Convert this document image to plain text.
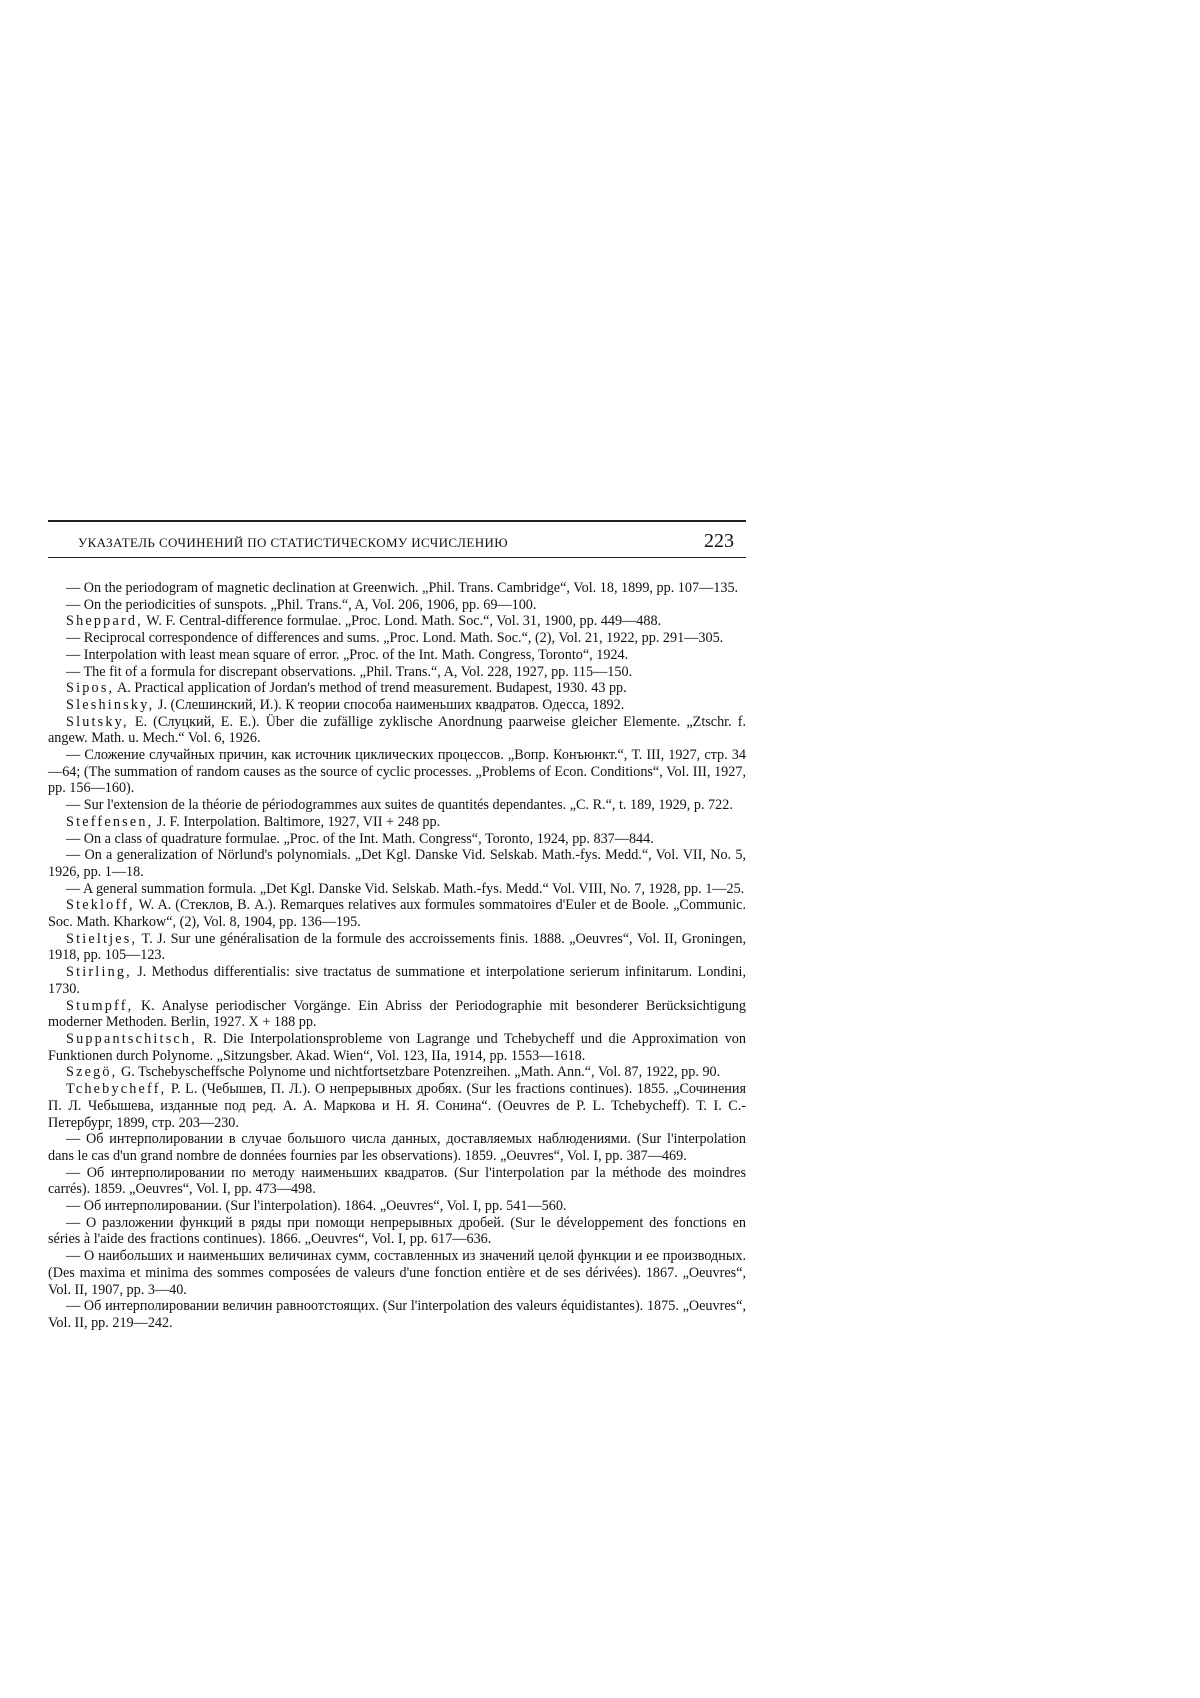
УКАЗАТЕЛЬ СОЧИНЕНИЙ ПО СТАТИСТИЧЕСКОМУ ИСЧИСЛЕНИЮ	223

— On the periodogram of magnetic declination at Greenwich. „Phil. Trans. Cambridge“, Vol. 18, 1899, pp. 107—135.

— On the periodicities of sunspots. „Phil. Trans.“, A, Vol. 206, 1906, pp. 69—100.

Sheppard, W. F. Central-difference formulae. „Proc. Lond. Math. Soc.“, Vol. 31, 1900, pp. 449—488.

— Reciprocal correspondence of differences and sums. „Proc. Lond. Math. Soc.“, (2), Vol. 21, 1922, pp. 291—305.

— Interpolation with least mean square of error. „Proc. of the Int. Math. Congress, Toronto“, 1924.

— The fit of a formula for discrepant observations. „Phil. Trans.“, A, Vol. 228, 1927, pp. 115—150.

Sipos, A. Practical application of Jordan's method of trend measurement. Budapest, 1930. 43 pp.

Sleshinsky, J. (Слешинский, И.). К теории способа наименьших квадратов. Одесса, 1892.

Slutsky, E. (Слуцкий, Е. Е.). Über die zufällige zyklische Anordnung paarweise gleicher Elemente. „Ztschr. f. angew. Math. u. Mech.“ Vol. 6, 1926.

— Сложение случайных причин, как источник циклических процессов. „Вопр. Конъюнкт.“, Т. III, 1927, стр. 34—64; (The summation of random causes as the source of cyclic processes. „Problems of Econ. Conditions“, Vol. III, 1927, pp. 156—160).

— Sur l'extension de la théorie de périodogrammes aux suites de quantités dependantes. „C. R.“, t. 189, 1929, p. 722.

Steffensen, J. F. Interpolation. Baltimore, 1927, VII + 248 pp.

— On a class of quadrature formulae. „Proc. of the Int. Math. Congress“, Toronto, 1924, pp. 837—844.

— On a generalization of Nörlund's polynomials. „Det Kgl. Danske Vid. Selskab. Math.-fys. Medd.“, Vol. VII, No. 5, 1926, pp. 1—18.

— A general summation formula. „Det Kgl. Danske Vid. Selskab. Math.-fys. Medd.“ Vol. VIII, No. 7, 1928, pp. 1—25.

Stekloff, W. A. (Стеклов, В. А.). Remarques relatives aux formules sommatoires d'Euler et de Boole. „Communic. Soc. Math. Kharkow“, (2), Vol. 8, 1904, pp. 136—195.

Stieltjes, T. J. Sur une généralisation de la formule des accroissements finis. 1888. „Oeuvres“, Vol. II, Groningen, 1918, pp. 105—123.

Stirling, J. Methodus differentialis: sive tractatus de summatione et interpolatione serierum infinitarum. Londini, 1730.

Stumpff, K. Analyse periodischer Vorgänge. Ein Abriss der Periodographie mit besonderer Berücksichtigung moderner Methoden. Berlin, 1927. X + 188 pp.

Suppantschitsch, R. Die Interpolationsprobleme von Lagrange und Tchebycheff und die Approximation von Funktionen durch Polynome. „Sitzungsber. Akad. Wien“, Vol. 123, IIa, 1914, pp. 1553—1618.

Szegö, G. Tschebyscheffsche Polynome und nichtfortsetzbare Potenzreihen. „Math. Ann.“, Vol. 87, 1922, pp. 90.

Tchebycheff, P. L. (Чебышев, П. Л.). О непрерывных дробях. (Sur les fractions continues). 1855. „Сочинения П. Л. Чебышева, изданные под ред. А. А. Маркова и Н. Я. Сонина“. (Oeuvres de P. L. Tchebycheff). Т. I. С.-Петербург, 1899, стр. 203—230.

— Об интерполировании в случае большого числа данных, доставляемых наблюдениями. (Sur l'interpolation dans le cas d'un grand nombre de données fournies par les observations). 1859. „Oeuvres“, Vol. I, pp. 387—469.

— Об интерполировании по методу наименьших квадратов. (Sur l'interpolation par la méthode des moindres carrés). 1859. „Oeuvres“, Vol. I, pp. 473—498.

— Об интерполировании. (Sur l'interpolation). 1864. „Oeuvres“, Vol. I, pp. 541—560.

— О разложении функций в ряды при помощи непрерывных дробей. (Sur le développement des fonctions en séries à l'aide des fractions continues). 1866. „Oeuvres“, Vol. I, pp. 617—636.

— О наибольших и наименьших величинах сумм, составленных из значений целой функции и ее производных. (Des maxima et minima des sommes composées de valeurs d'une fonction entière et de ses dérivées). 1867. „Oeuvres“, Vol. II, 1907, pp. 3—40.

— Об интерполировании величин равноотстоящих. (Sur l'interpolation des valeurs équidistantes). 1875. „Oeuvres“, Vol. II, pp. 219—242.
